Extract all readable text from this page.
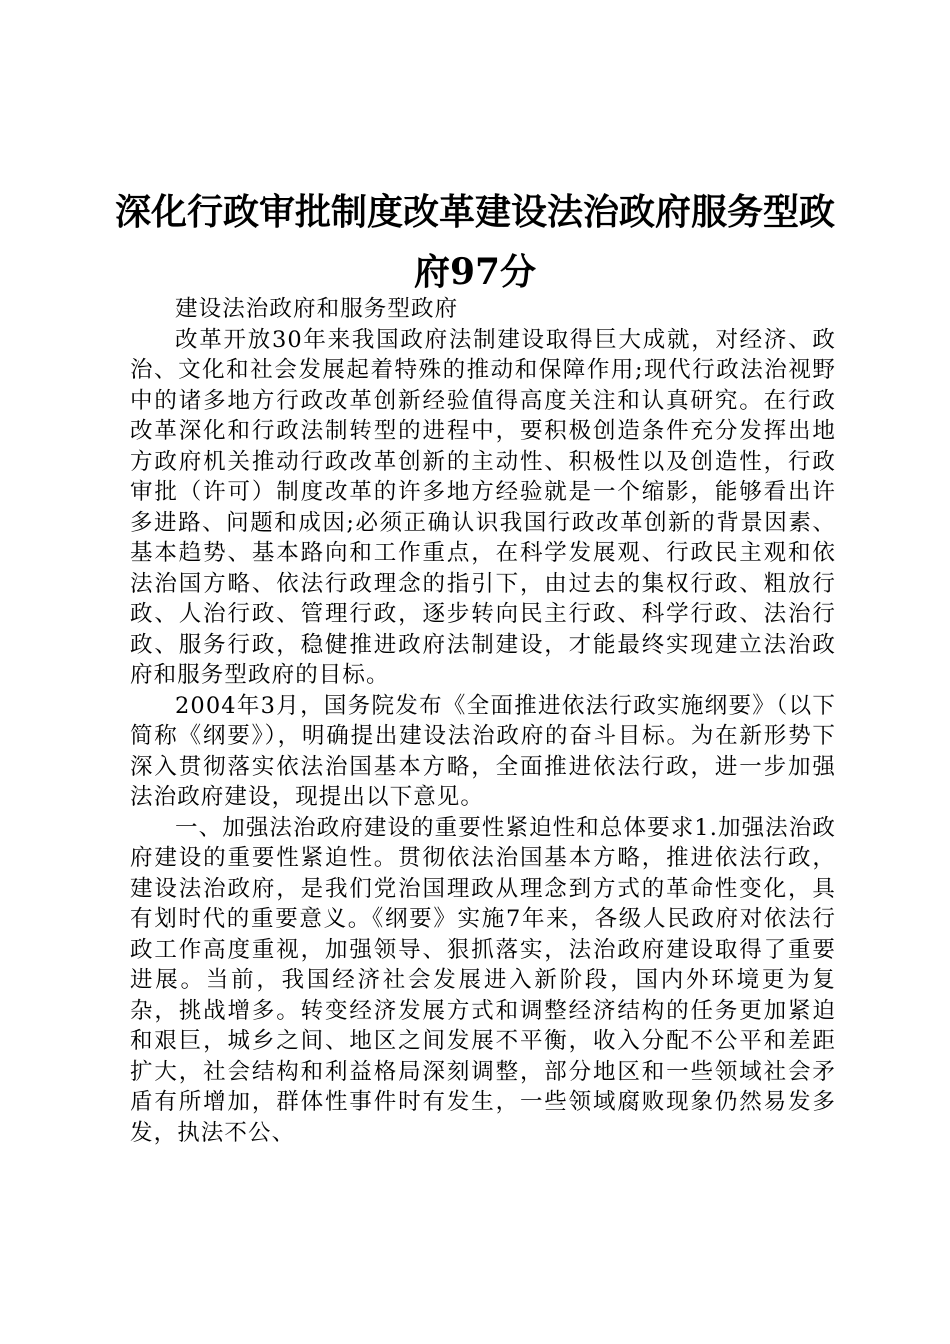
深化行政审批制度改革建设法治政府服务型政府97分

建设法治政府和服务型政府

改革开放30年来我国政府法制建设取得巨大成就，对经济、政治、文化和社会发展起着特殊的推动和保障作用;现代行政法治视野中的诸多地方行政改革创新经验值得高度关注和认真研究。在行政改革深化和行政法制转型的进程中，要积极创造条件充分发挥出地方政府机关推动行政改革创新的主动性、积极性以及创造性，行政审批（许可）制度改革的许多地方经验就是一个缩影，能够看出许多进路、问题和成因;必须正确认识我国行政改革创新的背景因素、基本趋势、基本路向和工作重点，在科学发展观、行政民主观和依法治国方略、依法行政理念的指引下，由过去的集权行政、粗放行政、人治行政、管理行政，逐步转向民主行政、科学行政、法治行政、服务行政，稳健推进政府法制建设，才能最终实现建立法治政府和服务型政府的目标。

2004年3月，国务院发布《全面推进依法行政实施纲要》（以下简称《纲要》），明确提出建设法治政府的奋斗目标。为在新形势下深入贯彻落实依法治国基本方略，全面推进依法行政，进一步加强法治政府建设，现提出以下意见。

一、加强法治政府建设的重要性紧迫性和总体要求1.加强法治政府建设的重要性紧迫性。贯彻依法治国基本方略，推进依法行政，建设法治政府，是我们党治国理政从理念到方式的革命性变化，具有划时代的重要意义。《纲要》实施7年来，各级人民政府对依法行政工作高度重视，加强领导、狠抓落实，法治政府建设取得了重要进展。当前，我国经济社会发展进入新阶段，国内外环境更为复杂，挑战增多。转变经济发展方式和调整经济结构的任务更加紧迫和艰巨，城乡之间、地区之间发展不平衡，收入分配不公平和差距扩大，社会结构和利益格局深刻调整，部分地区和一些领域社会矛盾有所增加，群体性事件时有发生，一些领域腐败现象仍然易发多发，执法不公、
